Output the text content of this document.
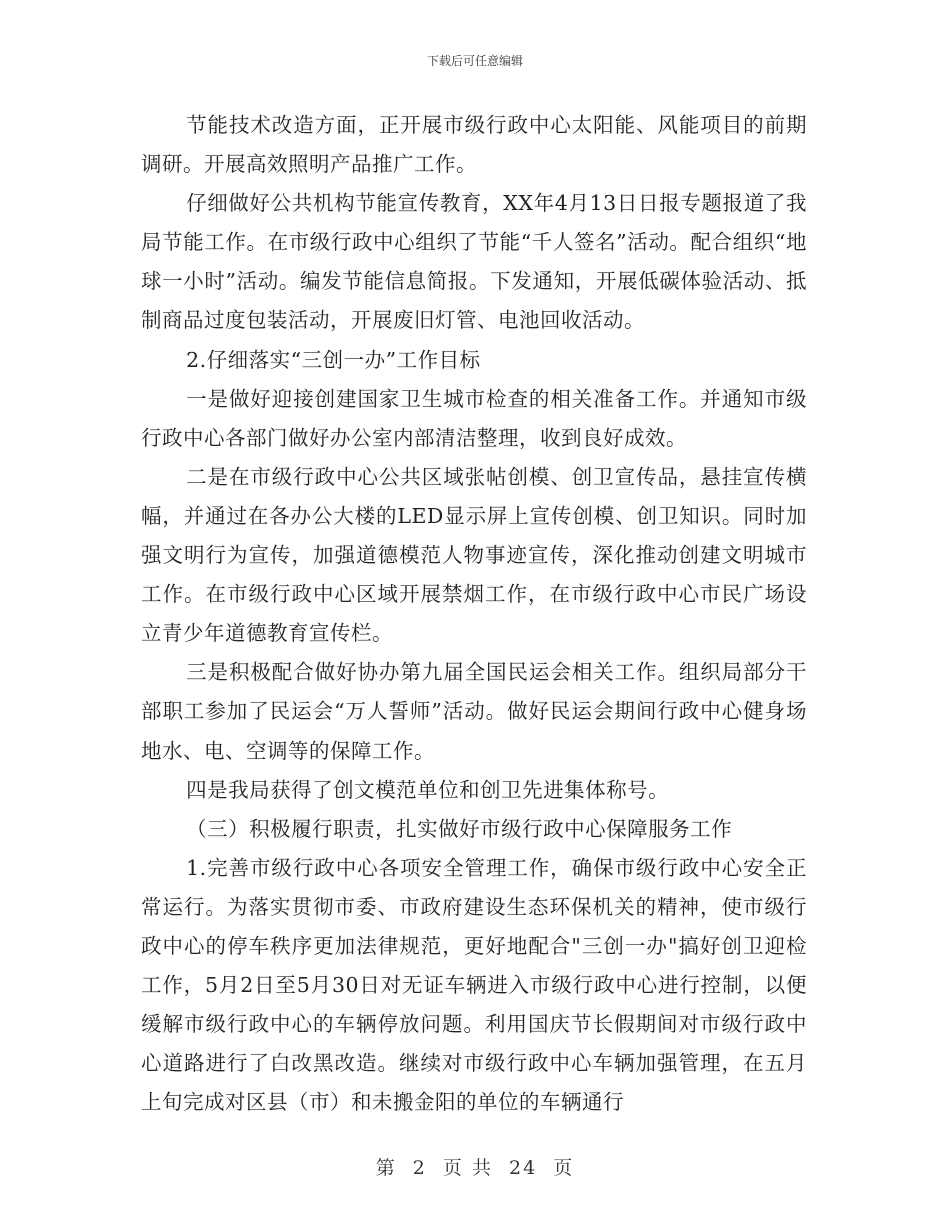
下载后可任意编辑

节能技术改造方面，正开展市级行政中心太阳能、风能项目的前期调研。开展高效照明产品推广工作。

仔细做好公共机构节能宣传教育，XX年4月13日日报专题报道了我局节能工作。在市级行政中心组织了节能“千人签名”活动。配合组织“地球一小时”活动。编发节能信息简报。下发通知，开展低碳体验活动、抵制商品过度包装活动，开展废旧灯管、电池回收活动。

2.仔细落实“三创一办”工作目标

一是做好迎接创建国家卫生城市检查的相关准备工作。并通知市级行政中心各部门做好办公室内部清洁整理，收到良好成效。

二是在市级行政中心公共区域张帖创模、创卫宣传品，悬挂宣传横幅，并通过在各办公大楼的LED显示屏上宣传创模、创卫知识。同时加强文明行为宣传，加强道德模范人物事迹宣传，深化推动创建文明城市工作。在市级行政中心区域开展禁烟工作，在市级行政中心市民广场设立青少年道德教育宣传栏。

三是积极配合做好协办第九届全国民运会相关工作。组织局部分干部职工参加了民运会“万人誓师”活动。做好民运会期间行政中心健身场地水、电、空调等的保障工作。

四是我局获得了创文模范单位和创卫先进集体称号。

（三）积极履行职责，扎实做好市级行政中心保障服务工作

1.完善市级行政中心各项安全管理工作，确保市级行政中心安全正常运行。为落实贯彻市委、市政府建设生态环保机关的精神，使市级行政中心的停车秩序更加法律规范，更好地配合"三创一办"搞好创卫迎检工作，5月2日至5月30日对无证车辆进入市级行政中心进行控制，以便缓解市级行政中心的车辆停放问题。利用国庆节长假期间对市级行政中心道路进行了白改黑改造。继续对市级行政中心车辆加强管理，在五月上旬完成对区县（市）和未搬金阳的单位的车辆通行

第 2 页 共 24 页
